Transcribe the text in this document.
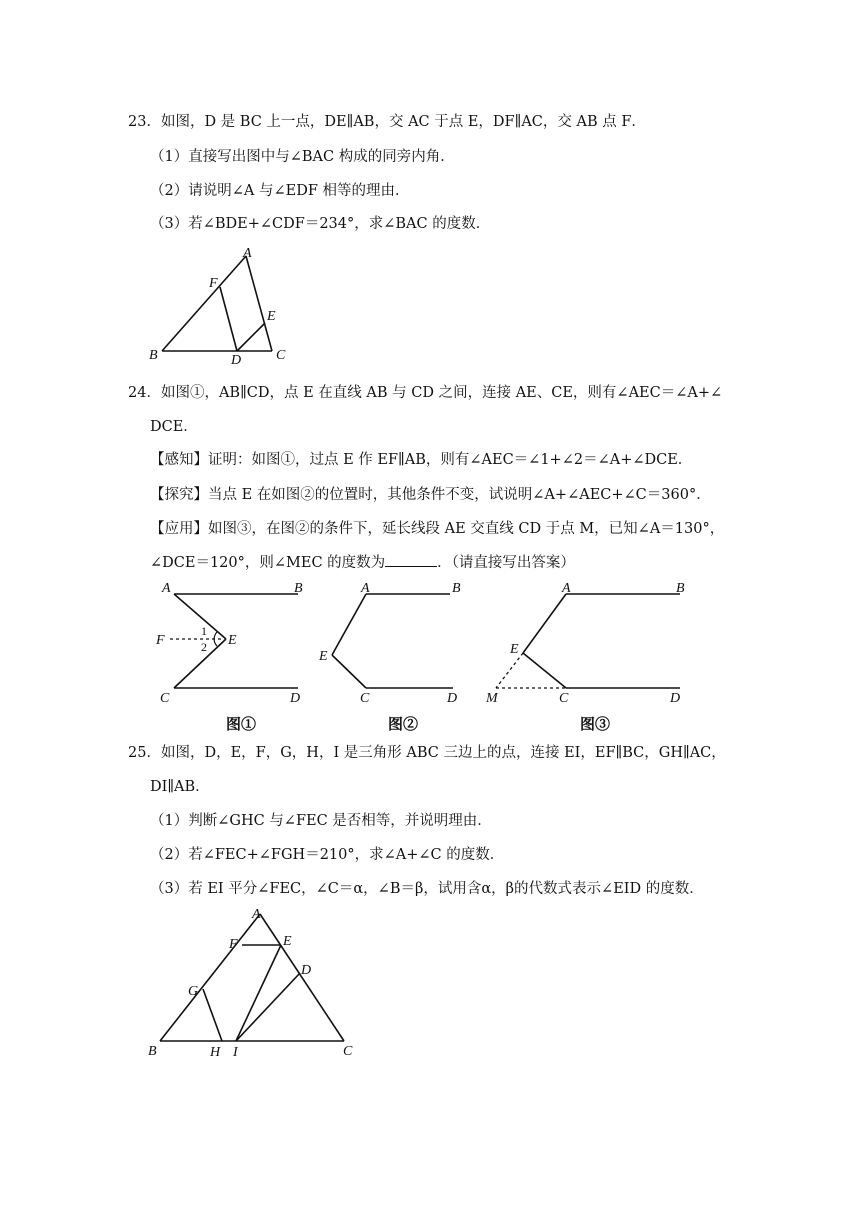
23．如图，D 是 BC 上一点，DE∥AB，交 AC 于点 E，DF∥AC，交 AB 点 F．
（1）直接写出图中与∠BAC 构成的同旁内角．
（2）请说明∠A 与∠EDF 相等的理由．
（3）若∠BDE+∠CDF＝234°，求∠BAC 的度数．
A
F
E
B	D C
24．如图①，AB∥CD，点 E 在直线 AB 与 CD 之间，连接 AE、CE，则有∠AEC＝∠A+∠
DCE．
【感知】证明：如图①，过点 E 作 EF∥AB，则有∠AEC＝∠1+∠2＝∠A+∠DCE．
【探究】当点 E 在如图②的位置时，其他条件不变，试说明∠A+∠AEC+∠C＝360°．
【应用】如图③，在图②的条件下，延长线段 AE 交直线 CD 于点 M，已知∠A＝130°，
∠DCE＝120°，则∠MEC 的度数为	．（请直接写出答案）
A	B
F	E
1
2
C	D
图①
A	B
E
C	D
图②
A	B
E
M	C	D
图③
25．如图，D，E，F，G，H，I 是三角形 ABC 三边上的点，连接 EI，EF∥BC，GH∥AC，
DI∥AB．
（1）判断∠GHC 与∠FEC 是否相等，并说明理由．
（2）若∠FEC+∠FGH＝210°，求∠A+∠C 的度数．
（3）若 EI 平分∠FEC，∠C＝α，∠B＝β，试用含α，β的代数式表示∠EID 的度数．
A
F	E
D
G
B	H I	C
